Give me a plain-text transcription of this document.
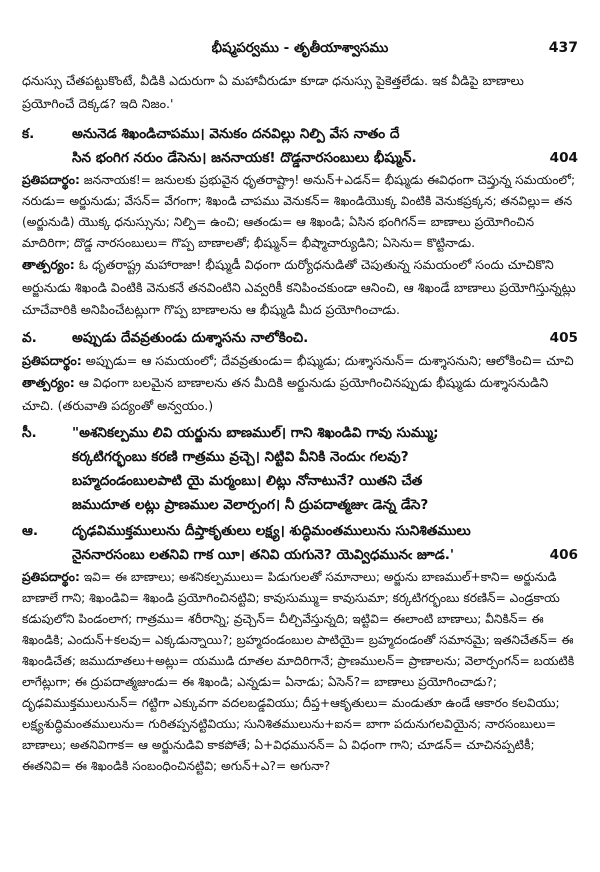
భీష్మపర్వము - తృతీయాశ్వాసము	437

ధనుస్సు చేతపట్టుకొంటే, వీడికి ఎదురుగా ఏ మహావీరుడూ కూడా ధనుస్సు పైకెత్తలేడు. ఇక వీడిపై బాణాలు ప్రయోగించే దెక్కడ? ఇది నిజం.'

క.	అనునెడ శిఖండిచాపము। వెనుకం దనవిల్లు నిల్పి వేస నాతం దే
సిన భంగిగ నరుం డేసెను। జననాయక! దొడ్డనారసంబులు భీష్మున్.	404

ప్రతిపదార్థం: జననాయక!= జనులకు ప్రభువైన ధృతరాష్ట్రా! అనున్+ఎడన్= భీష్ముడు ఈవిధంగా చెప్తున్న సమయంలో; నరుడు= అర్జునుడు; వేసన్= వేగంగా; శిఖండి చాపము వెనుకన్= శిఖండియొక్క వింటికి వెనుకప్రక్కన; తనవిల్లు= తన (అర్జునుడి) యొక్క ధనుస్సును; నిల్పి= ఉంచి; ఆతండు= ఆ శిఖండి; ఏసిన భంగిగన్= బాణాలు ప్రయోగించిన మాదిరిగా; దొడ్డ నారసంబులు= గొప్ప బాణాలతో; భీష్మున్= భీష్మాచార్యుడిని; ఏసెను= కొట్టినాడు.

తాత్పర్యం: ఓ ధృతరాష్ట్ర మహారాజా! భీష్ముడీ విధంగా దుర్యోధనుడితో చెపుతున్న సమయంలో సందు చూచికొని అర్జునుడు శిఖండి వింటికి వెనుకనే తనవింటిని ఎవ్వరికీ కనిపించకుండా ఆనించి, ఆ శిఖండే బాణాలు ప్రయోగిస్తున్నట్లు చూచేవారికి అనిపించేటట్లుగా గొప్ప బాణాలను ఆ భీష్ముడి మీద ప్రయోగించాడు.

వ.	అప్పుడు దేవవ్రతుండు దుశ్శాసను నాలోకించి.	405

ప్రతిపదార్థం: అప్పుడు= ఆ సమయంలో; దేవవ్రతుండు= భీష్ముడు; దుశ్శాసనున్= దుశ్శాసనుని; ఆలోకించి= చూచి

తాత్పర్యం: ఆ విధంగా బలమైన బాణాలను తన మీదికి అర్జునుడు ప్రయోగించినప్పుడు భీష్ముడు దుశ్శాసనుడిని చూచి. (తరువాతి పద్యంతో అన్వయం.)

సీ.	"అశనికల్పము లివి యర్జును బాణముల్। గాని శిఖండివి గావు సుమ్ము;
కర్కటిగర్భంబు కరణి గాత్రము వ్రచ్చె। నిట్టివి వీనికి నెందుఁ గలవు?
బహ్మదండంబులపాటి యై మర్మంబు। లిట్లు నోనాటునే? యితని చేత
జముదూత లట్లు ప్రాణముల వెలార్పంగ। నీ ద్రుపదాత్మజుఁ డెన్న డేసె?
ఆ. దృఢవిముక్తములును దీప్తాకృతులు లక్ష్య। శుద్ధిమంతములును సునిశితములు
నైననారసంబు లతనివి గాక యీ। తనివి యగునె? యెవ్విధమునఁ జూడ.'	406

ప్రతిపదార్థం: ఇవి= ఈ బాణాలు; అశనికల్పములు= పిడుగులతో సమానాలు; అర్జును బాణముల్+కాని= అర్జునుడి బాణాలే గాని; శిఖండివి= శిఖండి ప్రయోగించినట్టివి; కావుసుమ్ము= కావుసుమా; కర్కటిగర్భంబు కరణిన్= ఎండ్రకాయ కడుపులోని పిండంలాగ; గాత్రము= శరీరాన్ని; వ్రచ్చెన్= చీల్చివేస్తున్నది; ఇట్టివి= ఈలాంటి బాణాలు; వీనికిన్= ఈ శిఖండికి; ఎందున్+కలవు= ఎక్కడున్నాయి?; బ్రహ్మదండంబుల పాటియై= బ్రహ్మదండంతో సమానమై; ఇతనిచేతన్= ఈ శిఖండిచేత; జముదూతలు+అట్లు= యముడి దూతల మాదిరిగానే; ప్రాణములన్= ప్రాణాలను; వెలార్పంగన్= బయటికి లాగేట్లుగా; ఈ ద్రుపదాత్మజుండు= ఈ శిఖండి; ఎన్నడు= ఏనాడు; ఏసెన్?= బాణాలు ప్రయోగించాడు?; దృఢవిముక్తములునున్= గట్టిగా ఎక్కువగా వదలబడ్డవియు; దీప్త+ఆకృతులు= మండుతూ ఉండే ఆకారం కలవియు; లక్ష్యశుద్ధిమంతములును= గురితప్పనట్టివియు; సునిశితములును+ఐన= బాగా పదునుగలవియైన; నారసంబులు= బాణాలు; అతనివిగాక= ఆ అర్జునుడివి కాకపోతే; ఏ+విధమునన్= ఏ విధంగా గాని; చూడన్= చూచినప్పటికీ; ఈతనివి= ఈ శిఖండికి సంబంధించినట్టివి; అగున్+ఎ?= అగునా?
